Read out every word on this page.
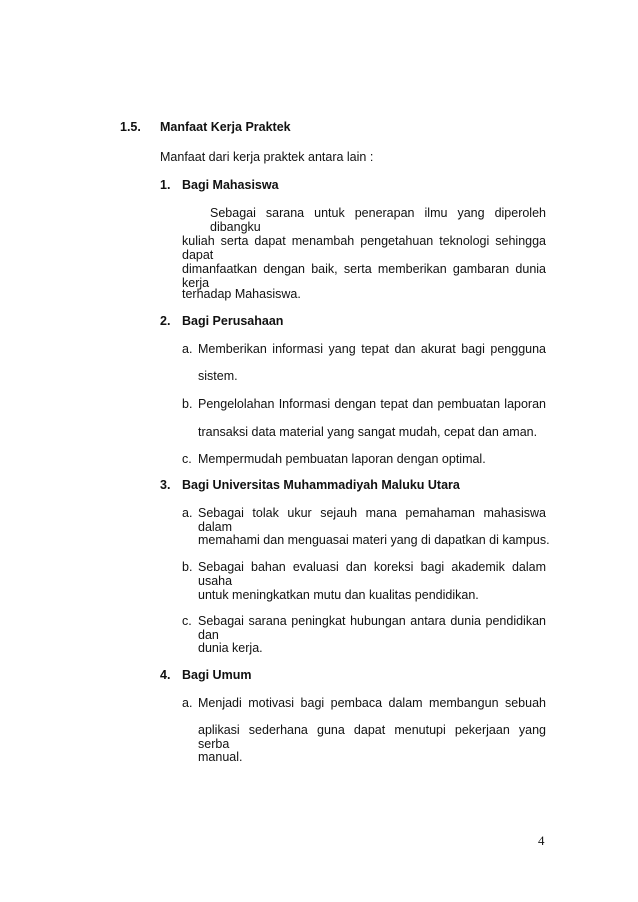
1.5. Manfaat Kerja Praktek
Manfaat dari kerja praktek antara lain :
1. Bagi Mahasiswa
Sebagai sarana untuk penerapan ilmu yang diperoleh dibangku
kuliah serta dapat menambah pengetahuan teknologi sehingga dapat
dimanfaatkan dengan baik, serta memberikan gambaran dunia kerja
terhadap Mahasiswa.
2. Bagi Perusahaan
a. Memberikan informasi yang tepat dan akurat bagi pengguna
sistem.
b. Pengelolahan Informasi dengan tepat dan pembuatan laporan
transaksi data material yang sangat mudah, cepat dan aman.
c. Mempermudah pembuatan laporan dengan optimal.
3. Bagi Universitas Muhammadiyah Maluku Utara
a. Sebagai tolak ukur sejauh mana pemahaman mahasiswa dalam
memahami dan menguasai materi yang di dapatkan di kampus.
b. Sebagai bahan evaluasi dan koreksi bagi akademik dalam usaha
untuk meningkatkan mutu dan kualitas pendidikan.
c. Sebagai sarana peningkat hubungan antara dunia pendidikan dan
dunia kerja.
4. Bagi Umum
a. Menjadi motivasi bagi pembaca dalam membangun sebuah
aplikasi sederhana guna dapat menutupi pekerjaan yang serba
manual.
4
